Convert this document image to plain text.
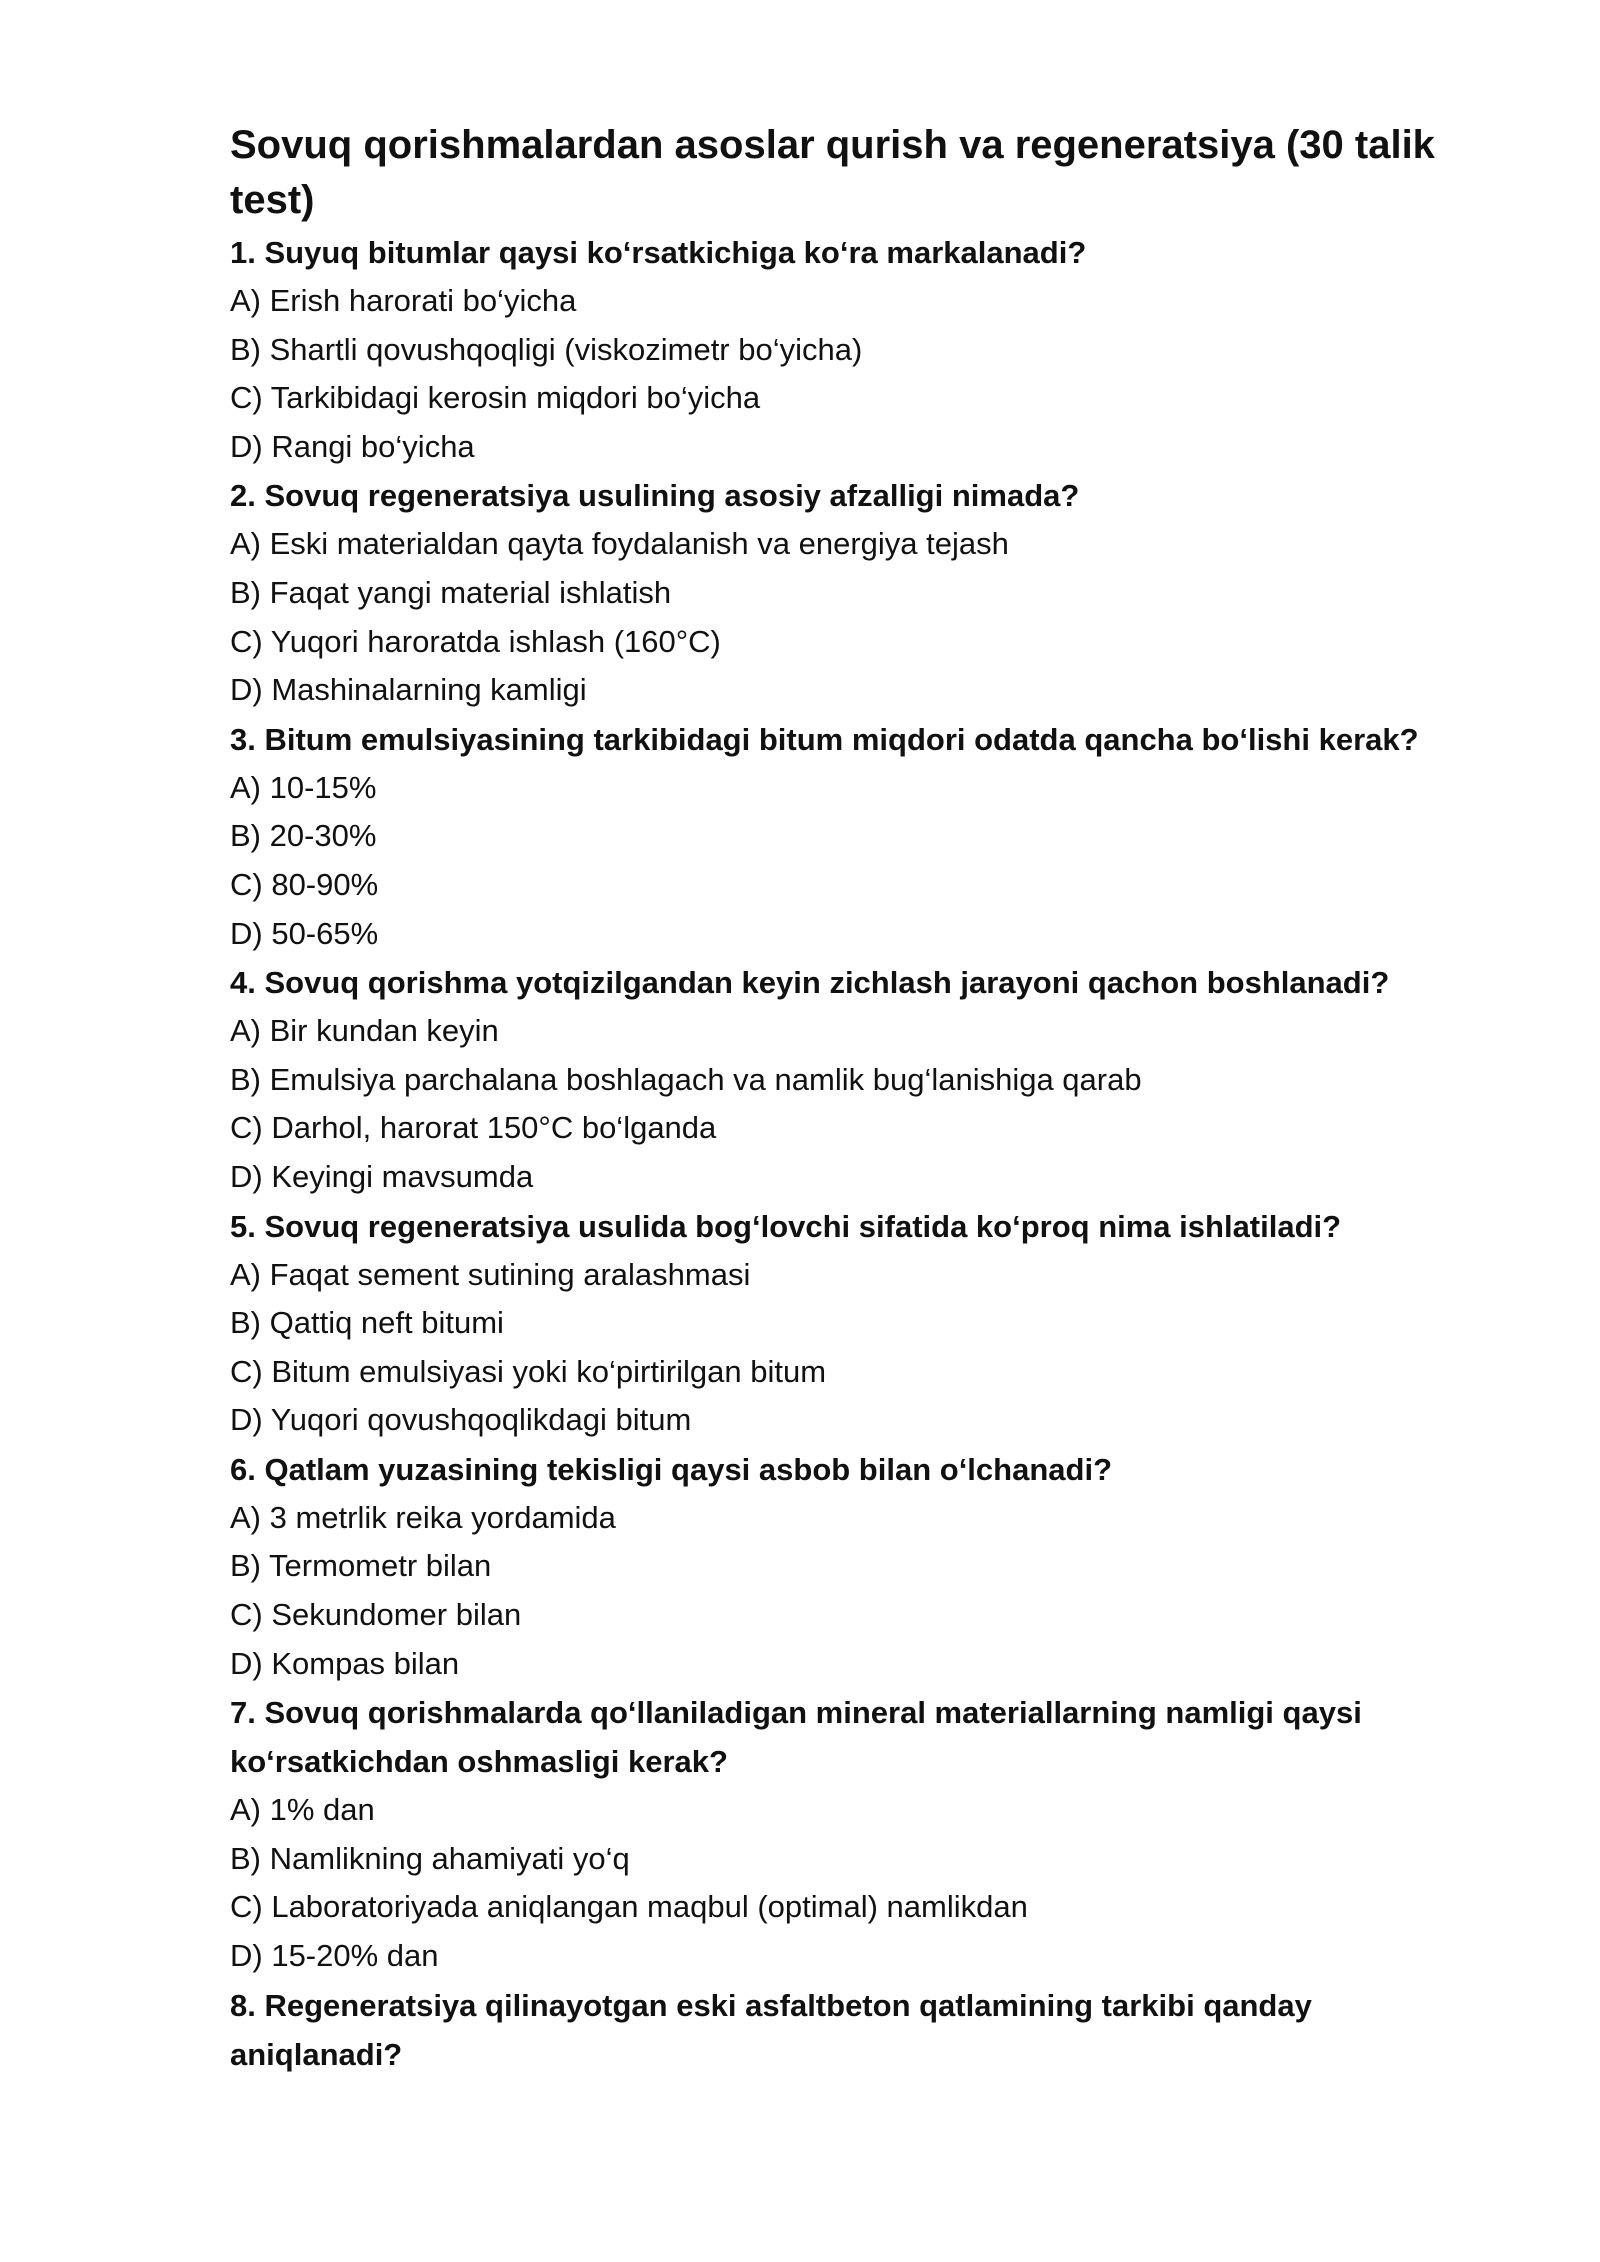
Sovuq qorishmalardan asoslar qurish va regeneratsiya (30 talik test)

1. Suyuq bitumlar qaysi ko‘rsatkichiga ko‘ra markalanadi?

A) Erish harorati bo‘yicha

B) Shartli qovushqoqligi (viskozimetr bo‘yicha)

C) Tarkibidagi kerosin miqdori bo‘yicha

D) Rangi bo‘yicha

2. Sovuq regeneratsiya usulining asosiy afzalligi nimada?

A) Eski materialdan qayta foydalanish va energiya tejash

B) Faqat yangi material ishlatish

C) Yuqori haroratda ishlash (160°C)

D) Mashinalarning kamligi

3. Bitum emulsiyasining tarkibidagi bitum miqdori odatda qancha bo‘lishi kerak?

A) 10-15%

B) 20-30%

C) 80-90%

D) 50-65%

4. Sovuq qorishma yotqizilgandan keyin zichlash jarayoni qachon boshlanadi?

A) Bir kundan keyin

B) Emulsiya parchalana boshlagach va namlik bug‘lanishiga qarab

C) Darhol, harorat 150°C bo‘lganda

D) Keyingi mavsumda

5. Sovuq regeneratsiya usulida bog‘lovchi sifatida ko‘proq nima ishlatiladi?

A) Faqat sement sutining aralashmasi

B) Qattiq neft bitumi

C) Bitum emulsiyasi yoki ko‘pirtirilgan bitum

D) Yuqori qovushqoqlikdagi bitum

6. Qatlam yuzasining tekisligi qaysi asbob bilan o‘lchanadi?

A) 3 metrlik reika yordamida

B) Termometr bilan

C) Sekundomer bilan

D) Kompas bilan

7. Sovuq qorishmalarda qo‘llaniladigan mineral materiallarning namligi qaysi ko‘rsatkichdan oshmasligi kerak?

A) 1% dan

B) Namlikning ahamiyati yo‘q

C) Laboratoriyada aniqlangan maqbul (optimal) namlikdan

D) 15-20% dan

8. Regeneratsiya qilinayotgan eski asfaltbeton qatlamining tarkibi qanday aniqlanadi?
